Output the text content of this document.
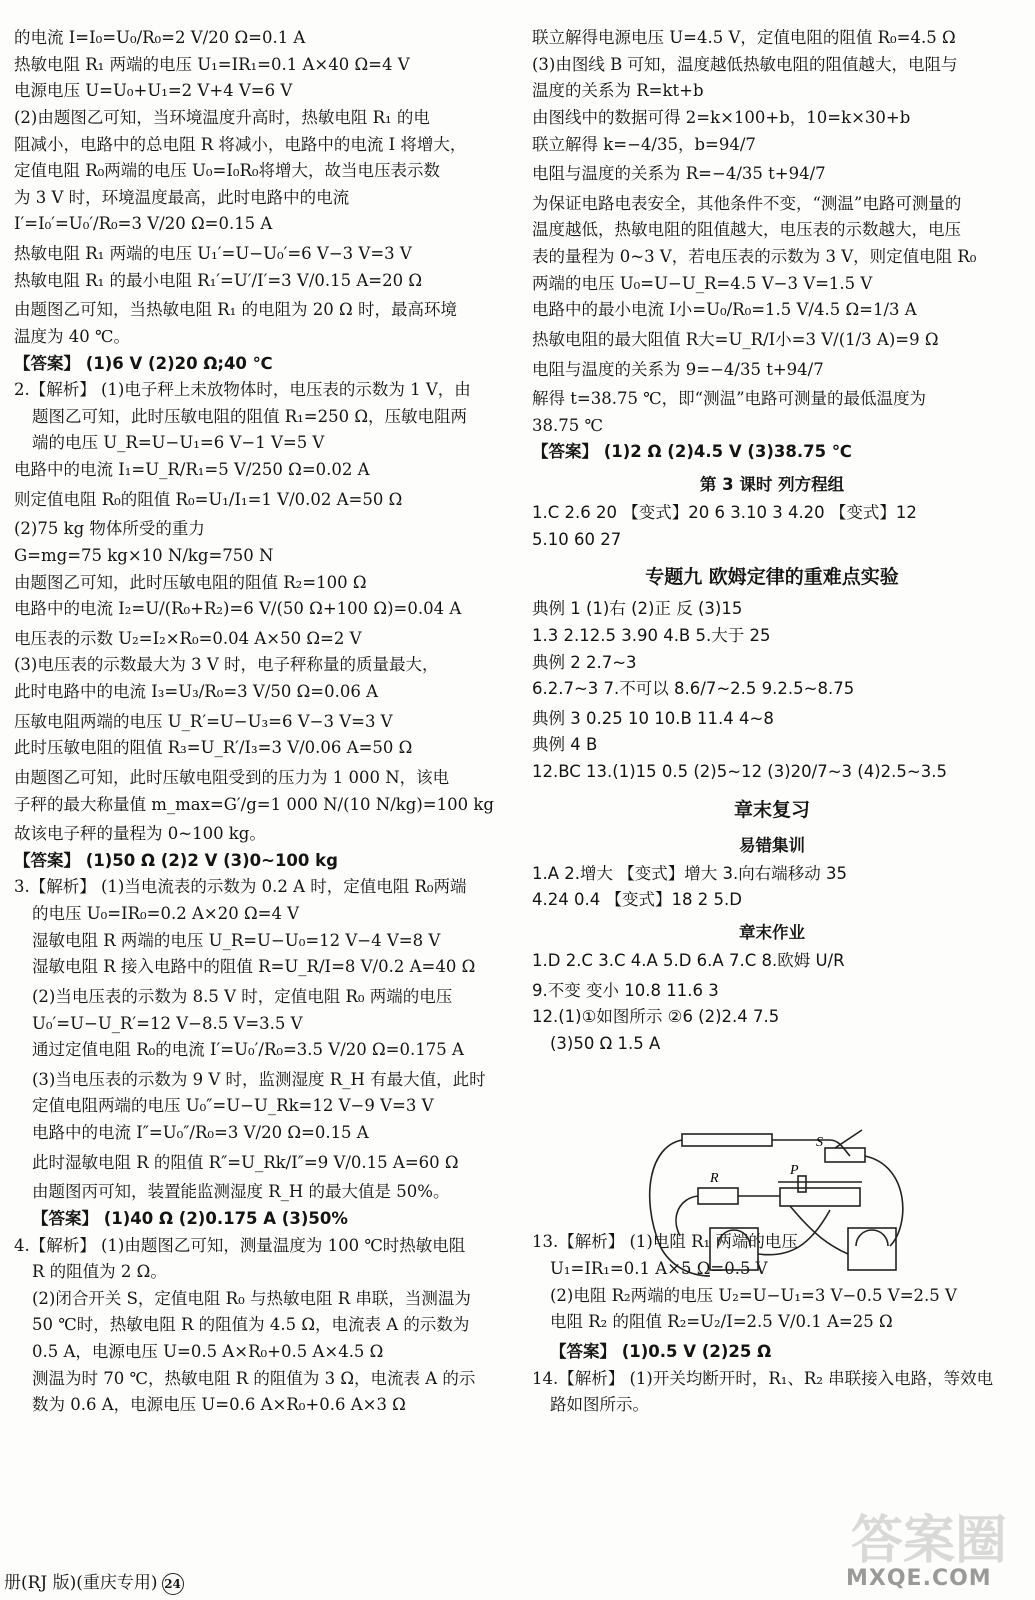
的电流 I=I₀=U₀/R₀=2 V/20 Ω=0.1 A
热敏电阻 R₁ 两端的电压 U₁=IR₁=0.1 A×40 Ω=4 V
电源电压 U=U₀+U₁=2 V+4 V=6 V
(2)由题图乙可知，当环境温度升高时，热敏电阻 R₁ 的电
阻减小，电路中的总电阻 R 将减小，电路中的电流 I 将增大，
定值电阻 R₀两端的电压 U₀=I₀R₀将增大，故当电压表示数
为 3 V 时，环境温度最高，此时电路中的电流
I′=I₀′=U₀′/R₀=3 V/20 Ω=0.15 A
热敏电阻 R₁ 两端的电压 U₁′=U−U₀′=6 V−3 V=3 V
热敏电阻 R₁ 的最小电阻 R₁′=U′/I′=3 V/0.15 A=20 Ω
由题图乙可知，当热敏电阻 R₁ 的电阻为 20 Ω 时，最高环境
温度为 40 ℃。
【答案】 (1)6 V (2)20 Ω;40 ℃
2.【解析】 (1)电子秤上未放物体时，电压表的示数为 1 V，由
题图乙可知，此时压敏电阻的阻值 R₁=250 Ω，压敏电阻两
端的电压 U_R=U−U₁=6 V−1 V=5 V
电路中的电流 I₁=U_R/R₁=5 V/250 Ω=0.02 A
则定值电阻 R₀的阻值 R₀=U₁/I₁=1 V/0.02 A=50 Ω
(2)75 kg 物体所受的重力
G=mg=75 kg×10 N/kg=750 N
由题图乙可知，此时压敏电阻的阻值 R₂=100 Ω
电路中的电流 I₂=U/(R₀+R₂)=6 V/(50 Ω+100 Ω)=0.04 A
电压表的示数 U₂=I₂×R₀=0.04 A×50 Ω=2 V
(3)电压表的示数最大为 3 V 时，电子秤称量的质量最大，
此时电路中的电流 I₃=U₃/R₀=3 V/50 Ω=0.06 A
压敏电阻两端的电压 U_R′=U−U₃=6 V−3 V=3 V
此时压敏电阻的阻值 R₃=U_R′/I₃=3 V/0.06 A=50 Ω
由题图乙可知，此时压敏电阻受到的压力为 1 000 N，该电
子秤的最大称量值 m_max=G′/g=1 000 N/(10 N/kg)=100 kg
故该电子秤的量程为 0~100 kg。
【答案】 (1)50 Ω (2)2 V (3)0~100 kg
3.【解析】 (1)当电流表的示数为 0.2 A 时，定值电阻 R₀两端
的电压 U₀=IR₀=0.2 A×20 Ω=4 V
湿敏电阻 R 两端的电压 U_R=U−U₀=12 V−4 V=8 V
湿敏电阻 R 接入电路中的阻值 R=U_R/I=8 V/0.2 A=40 Ω
(2)当电压表的示数为 8.5 V 时，定值电阻 R₀ 两端的电压
U₀′=U−U_R′=12 V−8.5 V=3.5 V
通过定值电阻 R₀的电流 I′=U₀′/R₀=3.5 V/20 Ω=0.175 A
(3)当电压表的示数为 9 V 时，监测湿度 R_H 有最大值，此时
定值电阻两端的电压 U₀″=U−U_Rk=12 V−9 V=3 V
电路中的电流 I″=U₀″/R₀=3 V/20 Ω=0.15 A
此时湿敏电阻 R 的阻值 R″=U_Rk/I″=9 V/0.15 A=60 Ω
由题图丙可知，装置能监测湿度 R_H 的最大值是 50%。
【答案】 (1)40 Ω (2)0.175 A (3)50%
4.【解析】 (1)由题图乙可知，测量温度为 100 ℃时热敏电阻
R 的阻值为 2 Ω。
(2)闭合开关 S，定值电阻 R₀ 与热敏电阻 R 串联，当测温为
50 ℃时，热敏电阻 R 的阻值为 4.5 Ω，电流表 A 的示数为
0.5 A，电源电压 U=0.5 A×R₀+0.5 A×4.5 Ω
测温为时 70 ℃，热敏电阻 R 的阻值为 3 Ω，电流表 A 的示
数为 0.6 A，电源电压 U=0.6 A×R₀+0.6 A×3 Ω
联立解得电源电压 U=4.5 V，定值电阻的阻值 R₀=4.5 Ω
(3)由图线 B 可知，温度越低热敏电阻的阻值越大，电阻与
温度的关系为 R=kt+b
由图线中的数据可得 2=k×100+b，10=k×30+b
联立解得 k=−4/35，b=94/7
电阻与温度的关系为 R=−4/35 t+94/7
为保证电路电表安全，其他条件不变，“测温”电路可测量的
温度越低，热敏电阻的阻值越大，电压表的示数越大，电压
表的量程为 0~3 V，若电压表的示数为 3 V，则定值电阻 R₀
两端的电压 U₀=U−U_R=4.5 V−3 V=1.5 V
电路中的最小电流 I小=U₀/R₀=1.5 V/4.5 Ω=1/3 A
热敏电阻的最大阻值 R大=U_R/I小=3 V/(1/3 A)=9 Ω
电阻与温度的关系为 9=−4/35 t+94/7
解得 t=38.75 ℃，即“测温”电路可测量的最低温度为
38.75 ℃
【答案】 (1)2 Ω (2)4.5 V (3)38.75 ℃
第 3 课时 列方程组
1.C 2.6 20 【变式】20 6 3.10 3 4.20 【变式】12
5.10 60 27
专题九 欧姆定律的重难点实验
典例 1 (1)右 (2)正 反 (3)15
1.3 2.12.5 3.90 4.B 5.大于 25
典例 2 2.7~3
6.2.7~3 7.不可以 8.6/7~2.5 9.2.5~8.75
典例 3 0.25 10 10.B 11.4 4~8
典例 4 B
12.BC 13.(1)15 0.5 (2)5~12 (3)20/7~3 (4)2.5~3.5
章末复习
易错集训
1.A 2.增大 【变式】增大 3.向右端移动 35
4.24 0.4 【变式】18 2 5.D
章末作业
1.D 2.C 3.C 4.A 5.D 6.A 7.C 8.欧姆 U/R
9.不变 变小 10.8 11.6 3
12.(1)①如图所示 ②6 (2)2.4 7.5
(3)50 Ω 1.5 A
13.【解析】 (1)电阻 R₁ 两端的电压
U₁=IR₁=0.1 A×5 Ω=0.5 V
(2)电阻 R₂两端的电压 U₂=U−U₁=3 V−0.5 V=2.5 V
电阻 R₂ 的阻值 R₂=U₂/I=2.5 V/0.1 A=25 Ω
【答案】 (1)0.5 V (2)25 Ω
14.【解析】 (1)开关均断开时，R₁、R₂ 串联接入电路，等效电
路如图所示。
S
R
P
册(RJ 版)(重庆专用) 24
答案圈
MXQE.COM
